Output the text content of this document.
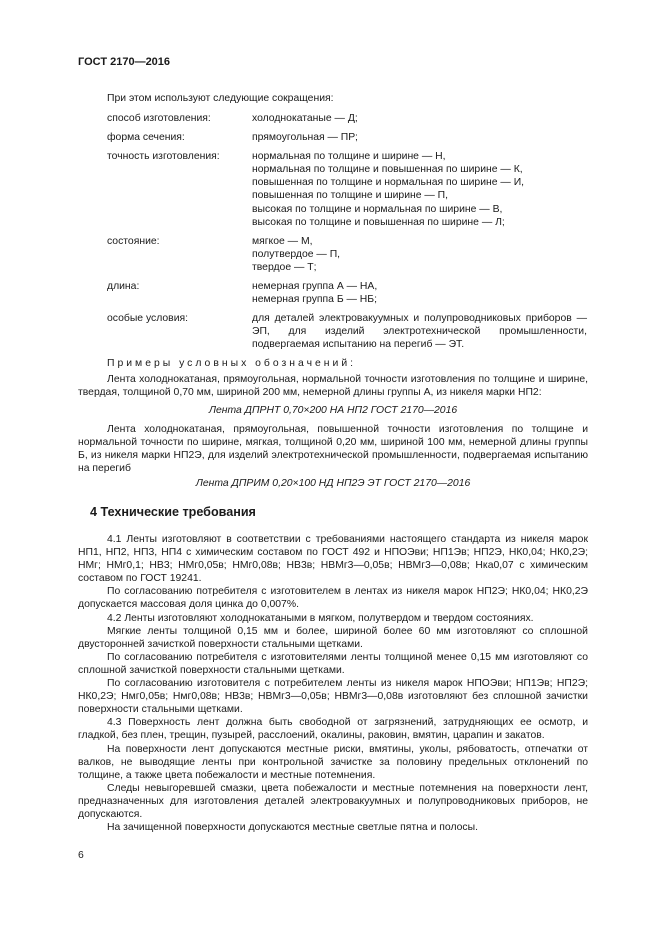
ГОСТ 2170—2016
При этом используют следующие сокращения:
способ изготовления:	холоднокатаные — Д;
форма сечения:	прямоугольная — ПР;
точность изготовления:	нормальная по толщине и ширине — Н,
нормальная по толщине и повышенная по ширине — К,
повышенная по толщине и нормальная по ширине — И,
повышенная по толщине и ширине — П,
высокая по толщине и нормальная по ширине — В,
высокая по толщине и повышенная по ширине — Л;
состояние:	мягкое — М,
полутвердое — П,
твердое — Т;
длина:	немерная группа А — НА,
немерная группа Б — НБ;
особые условия:	для деталей электровакуумных и полупроводниковых приборов — ЭП, для изделий электротехнической промышленности, подвергаемая испытанию на перегиб — ЭТ.
Примеры условных обозначений:

Лента холоднокатаная, прямоугольная, нормальной точности изготовления по толщине и ширине, твердая, толщиной 0,70 мм, шириной 200 мм, немерной длины группы А, из никеля марки НП2:

Лента ДПРНТ 0,70×200 НА НП2 ГОСТ 2170—2016

Лента холоднокатаная, прямоугольная, повышенной точности изготовления по толщине и нормальной точности по ширине, мягкая, толщиной 0,20 мм, шириной 100 мм, немерной длины группы Б, из никеля марки НП2Э, для изделий электротехнической промышленности, подвергаемая испытанию на перегиб

Лента ДПРИМ 0,20×100 НД НП2Э ЭТ ГОСТ 2170—2016

4 Технические требования

4.1 Ленты изготовляют в соответствии с требованиями настоящего стандарта из никеля марок НП1, НП2, НП3, НП4 с химическим составом по ГОСТ 492 и НПОЭви; НП1Эв; НП2Э, НК0,04; НК0,2Э; НМг; НМг0,1; НВ3; НМг0,05в; НМг0,08в; НВ3в; НВМг3—0,05в; НВМг3—0,08в; Нка0,07 с химическим составом по ГОСТ 19241.

По согласованию потребителя с изготовителем в лентах из никеля марок НП2Э; НК0,04; НК0,2Э допускается массовая доля цинка до 0,007%.

4.2 Ленты изготовляют холоднокатаными в мягком, полутвердом и твердом состояниях.

Мягкие ленты толщиной 0,15 мм и более, шириной более 60 мм изготовляют со сплошной двусторонней зачисткой поверхности стальными щетками.

По согласованию потребителя с изготовителями ленты толщиной менее 0,15 мм изготовляют со сплошной зачисткой поверхности стальными щетками.

По согласованию изготовителя с потребителем ленты из никеля марок НПОЭви; НП1Эв; НП2Э; НК0,2Э; Нмг0,05в; Нмг0,08в; НВ3в; НВМг3—0,05в; НВМг3—0,08в изготовляют без сплошной зачистки поверхности стальными щетками.

4.3 Поверхность лент должна быть свободной от загрязнений, затрудняющих ее осмотр, и гладкой, без плен, трещин, пузырей, расслоений, окалины, раковин, вмятин, царапин и закатов.

На поверхности лент допускаются местные риски, вмятины, уколы, рябоватость, отпечатки от валков, не выводящие ленты при контрольной зачистке за половину предельных отклонений по толщине, а также цвета побежалости и местные потемнения.

Следы невыгоревшей смазки, цвета побежалости и местные потемнения на поверхности лент, предназначенных для изготовления деталей электровакуумных и полупроводниковых приборов, не допускаются.

На зачищенной поверхности допускаются местные светлые пятна и полосы.

6
